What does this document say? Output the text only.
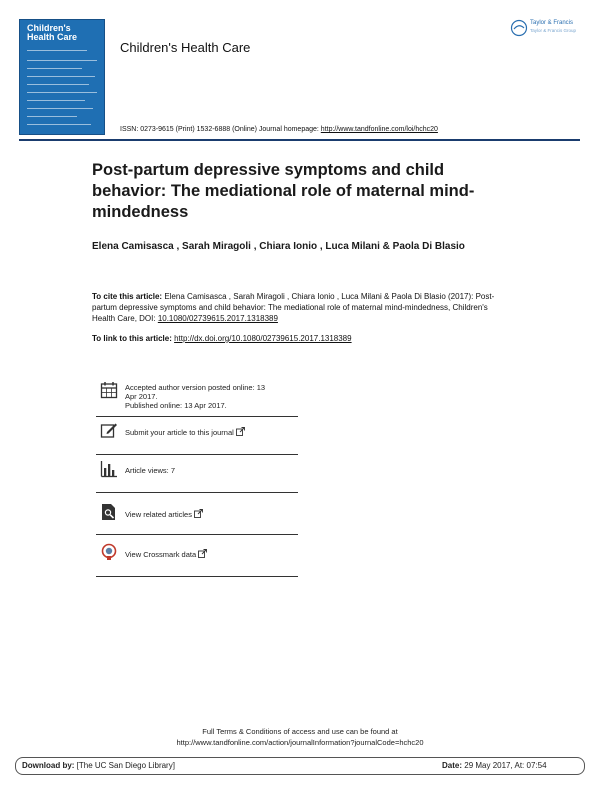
Children's
Health Care
Children's Health Care
Taylor & Francis
Taylor & Francis Group
ISSN: 0273-9615 (Print) 1532-6888 (Online) Journal homepage: http://www.tandfonline.com/loi/hchc20
Post-partum depressive symptoms and child behavior: The mediational role of maternal mind-mindedness
Elena Camisasca , Sarah Miragoli , Chiara Ionio , Luca Milani & Paola Di Blasio
To cite this article: Elena Camisasca , Sarah Miragoli , Chiara Ionio , Luca Milani & Paola Di Blasio (2017): Post-partum depressive symptoms and child behavior: The mediational role of maternal mind-mindedness, Children's Health Care, DOI: 10.1080/02739615.2017.1318389
To link to this article: http://dx.doi.org/10.1080/02739615.2017.1318389
Accepted author version posted online: 13
Apr 2017.
Published online: 13 Apr 2017.
Submit your article to this journal
Article views: 7
View related articles
View Crossmark data
Full Terms & Conditions of access and use can be found at
http://www.tandfonline.com/action/journalInformation?journalCode=hchc20
Download by: [The UC San Diego Library]	Date: 29 May 2017, At: 07:54
